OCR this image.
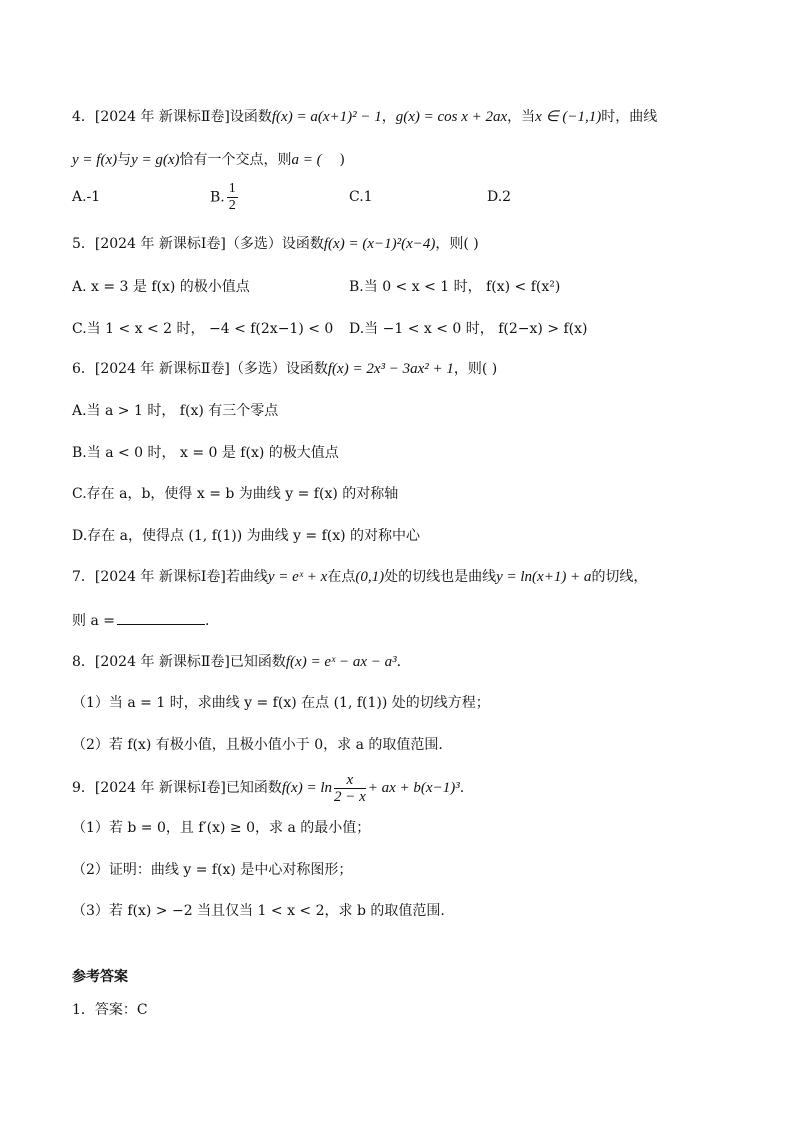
4．[2024 年 新课标Ⅱ卷]设函数f(x) = a(x+1)² − 1，g(x) = cos x + 2ax，当x ∈ (−1,1)时，曲线
y = f(x)与y = g(x)恰有一个交点，则a = (    )
A.-1	B. $\frac{1}{2}$	C.1	D.2
5．[2024 年 新课标Ⅰ卷]（多选）设函数f(x) = (x−1)²(x−4)，则( )
A. x = 3 是 f(x) 的极小值点	B.当 0 < x < 1 时， f(x) < f(x²)
C.当 1 < x < 2 时， −4 < f(2x−1) < 0 D.当 −1 < x < 0 时， f(2−x) > f(x)
6．[2024 年 新课标Ⅱ卷]（多选）设函数f(x) = 2x³ − 3ax² + 1，则( )
A.当 a > 1 时， f(x) 有三个零点
B.当 a < 0 时， x = 0 是 f(x) 的极大值点
C.存在 a，b，使得 x = b 为曲线 y = f(x) 的对称轴
D.存在 a，使得点 (1, f(1)) 为曲线 y = f(x) 的对称中心
7．[2024 年 新课标Ⅰ卷]若曲线y = eˣ + x在点(0,1)处的切线也是曲线y = ln(x+1) + a的切线，
则 a =	.
8．[2024 年 新课标Ⅱ卷]已知函数f(x) = eˣ − ax − a³.
（1）当 a = 1 时，求曲线 y = f(x) 在点 (1, f(1)) 处的切线方程；
（2）若 f(x) 有极小值，且极小值小于 0，求 a 的取值范围.
9．[2024 年 新课标Ⅰ卷]已知函数$f(x) = \ln \frac{x}{2 - x}$ + ax + b(x−1)³.
（1）若 b = 0，且 f′(x) ≥ 0，求 a 的最小值；
（2）证明：曲线 y = f(x) 是中心对称图形；
（3）若 f(x) > −2 当且仅当 1 < x < 2，求 b 的取值范围.
参考答案
1．答案：C
